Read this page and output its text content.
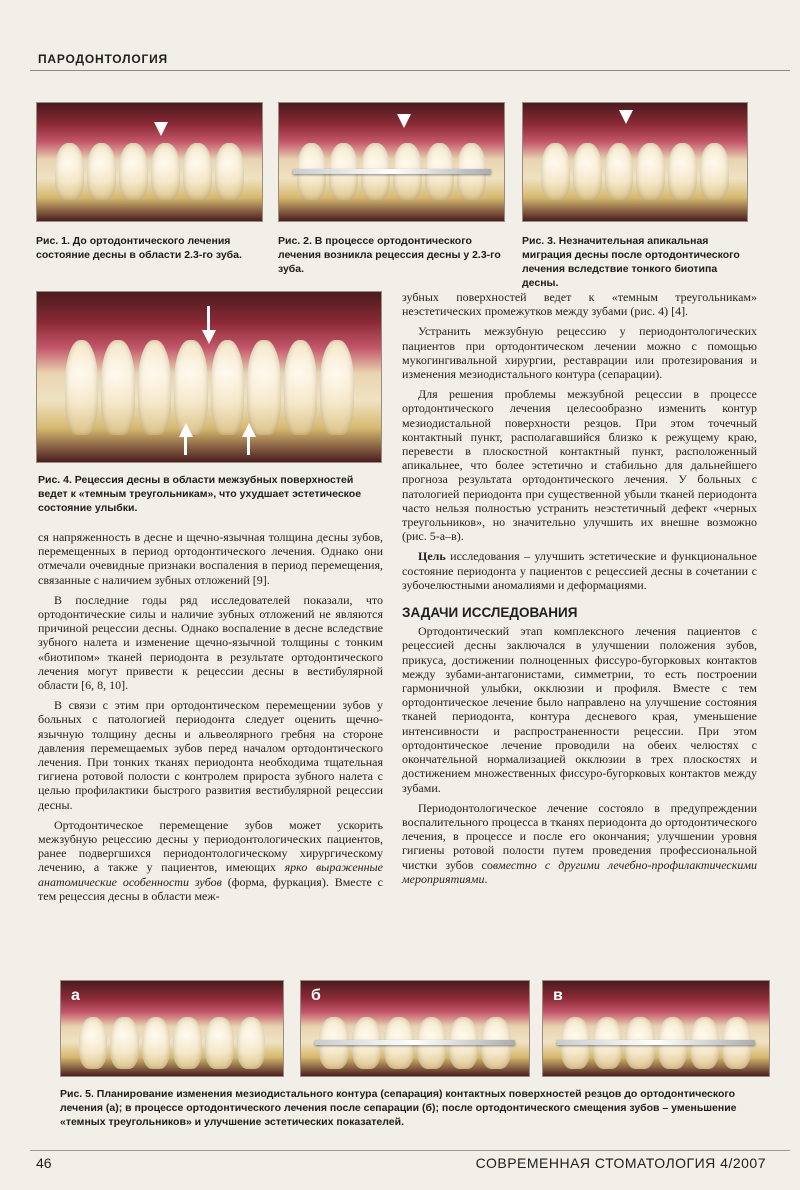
ПАРОДОНТОЛОГИЯ
Рис. 1. До ортодонтического лечения состояние десны в области 2.3-го зуба.
Рис. 2. В процессе ортодонтического лечения возникла рецессия десны у 2.3-го зуба.
Рис. 3. Незначительная апикальная миграция десны после ортодонтического лечения вследствие тонкого биотипа десны.
Рис. 4. Рецессия десны в области межзубных поверхностей ведет к «темным треугольникам», что ухудшает эстетическое состояние улыбки.

ся напряженность в десне и щечно-язычная толщина десны зубов, перемещенных в период ортодонтического лечения. Однако они отмечали очевидные признаки воспаления в период перемещения, связанные с наличием зубных отложений [9].

В последние годы ряд исследователей показали, что ортодонтические силы и наличие зубных отложений не являются причиной рецессии десны. Однако воспаление в десне вследствие зубного налета и изменение щечно-язычной толщины с тонким «биотипом» тканей периодонта в результате ортодонтического лечения могут привести к рецессии десны в вестибулярной области [6, 8, 10].

В связи с этим при ортодонтическом перемещении зубов у больных с патологией периодонта следует оценить щечно-язычную толщину десны и альвеолярного гребня на стороне давления перемещаемых зубов перед началом ортодонтического лечения. При тонких тканях периодонта необходима тщательная гигиена ротовой полости с контролем прироста зубного налета с целью профилактики быстрого развития вестибулярной рецессии десны.

Ортодонтическое перемещение зубов может ускорить межзубную рецессию десны у периодонтологических пациентов, ранее подвергшихся периодонтологическому хирургическому лечению, а также у пациентов, имеющих ярко выраженные анатомические особенности зубов (форма, фуркация). Вместе с тем рецессия десны в области меж-

зубных поверхностей ведет к «темным треугольникам» неэстетических промежутков между зубами (рис. 4) [4].

Устранить межзубную рецессию у периодонтологических пациентов при ортодонтическом лечении можно с помощью мукогингивальной хирургии, реставрации или протезирования и изменения мезиодистального контура (сепарации).

Для решения проблемы межзубной рецессии в процессе ортодонтического лечения целесообразно изменить контур мезиодистальной поверхности резцов. При этом точечный контактный пункт, располагавшийся близко к режущему краю, перевести в плоскостной контактный пункт, расположенный апикальнее, что более эстетично и стабильно для дальнейшего прогноза результата ортодонтического лечения. У больных с патологией периодонта при существенной убыли тканей периодонта часто нельзя полностью устранить неэстетичный дефект «черных треугольников», но значительно улучшить их внешне возможно (рис. 5-а–в).

Цель исследования – улучшить эстетические и функциональное состояние периодонта у пациентов с рецессией десны в сочетании с зубочелюстными аномалиями и деформациями.

ЗАДАЧИ ИССЛЕДОВАНИЯ

Ортодонтический этап комплексного лечения пациентов с рецессией десны заключался в улучшении положения зубов, прикуса, достижении полноценных фиссуро-бугорковых контактов между зубами-антагонистами, симметрии, то есть построении гармоничной улыбки, окклюзии и профиля. Вместе с тем ортодонтическое лечение было направлено на улучшение состояния тканей периодонта, контура десневого края, уменьшение интенсивности и распространенности рецессии. При этом ортодонтическое лечение проводили на обеих челюстях с окончательной нормализацией окклюзии в трех плоскостях и достижением множественных фиссуро-бугорковых контактов между зубами.

Периодонтологическое лечение состояло в предупреждении воспалительного процесса в тканях периодонта до ортодонтического лечения, в процессе и после его окончания; улучшении уровня гигиены ротовой полости путем проведения профессиональной чистки зубов совместно с другими лечебно-профилактическими мероприятиями.

а	б	в
Рис. 5. Планирование изменения мезиодистального контура (сепарация) контактных поверхностей резцов до ортодонтического лечения (а); в процессе ортодонтического лечения после сепарации (б); после ортодонтического смещения зубов – уменьшение «темных треугольников» и улучшение эстетических показателей.
46	СОВРЕМЕННАЯ СТОМАТОЛОГИЯ 4/2007
